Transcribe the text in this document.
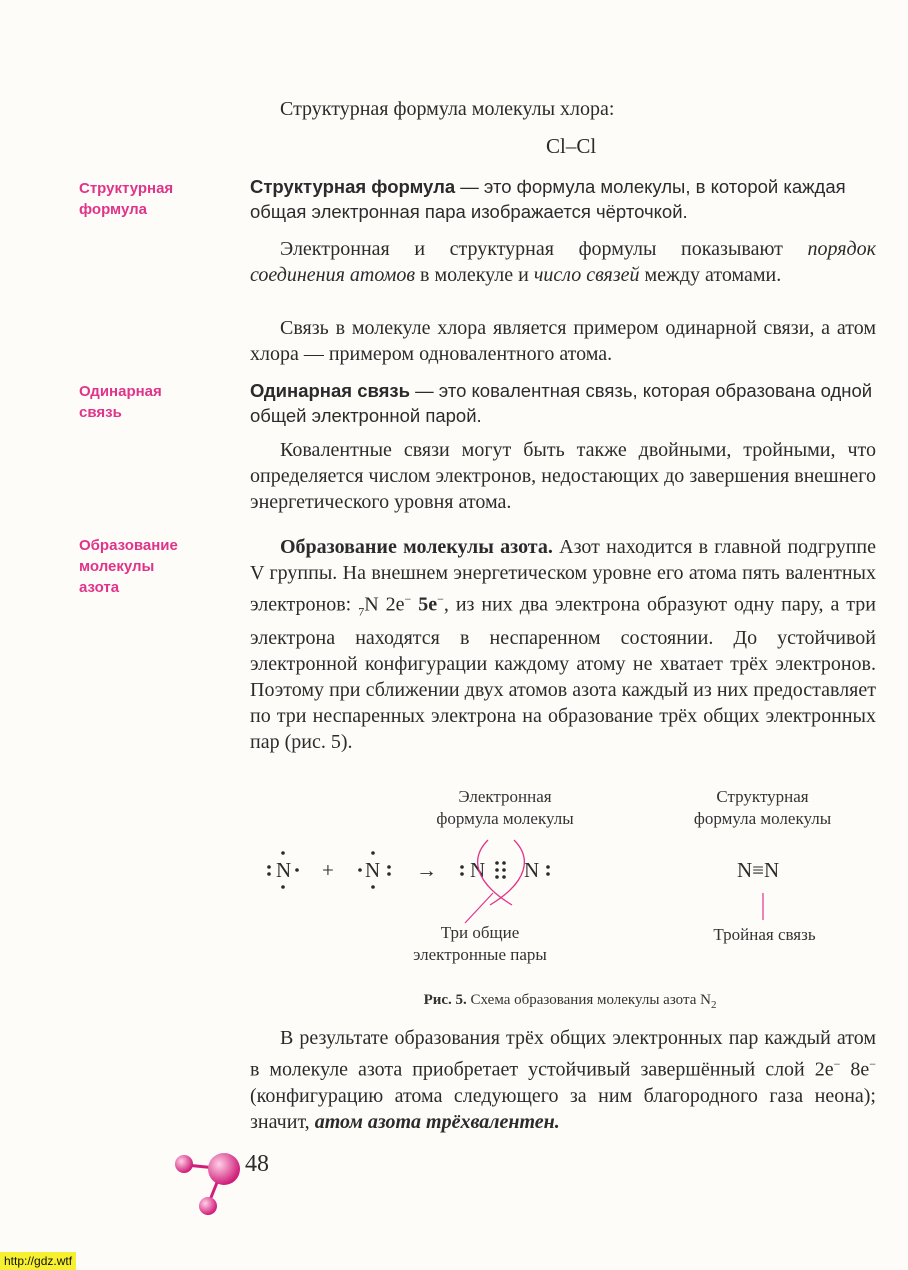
Структурная формула молекулы хлора:
Cl–Cl
Структурная
формула
Одинарная
связь
Образование
молекулы
азота
Структурная формула — это формула молекулы, в которой каждая общая электронная пара изображается чёрточкой.

Электронная и структурная формулы показывают порядок соединения атомов в молекуле и число связей между атомами.

Связь в молекуле хлора является примером одинарной связи, а атом хлора — примером одновалентного атома.

Одинарная связь — это ковалентная связь, которая образована одной общей электронной парой.

Ковалентные связи могут быть также двойными, тройными, что определяется числом электронов, недостающих до завершения внешнего энергетического уровня атома.

Образование молекулы азота. Азот находится в главной подгруппе V группы. На внешнем энергетическом уровне его атома пять валентных электронов: $_7$N 2e− 5e−, из них два электрона образуют одну пару, а три электрона находятся в неспаренном состоянии. До устойчивой электронной конфигурации каждому атому не хватает трёх электронов. Поэтому при сближении двух атомов азота каждый из них предоставляет по три неспаренных электрона на образование трёх общих электронных пар (рис. 5).

Электронная
формула молекулы
Структурная
формула молекулы
N + N → N N	N≡N
Три общие
электронные пары
Тройная связь
Рис. 5. Схема образования молекулы азота $N_2$

В результате образования трёх общих электронных пар каждый атом в молекуле азота приобретает устойчивый завершённый слой 2e− 8e− (конфигурацию атома следующего за ним благородного газа неона); значит, атом азота трёхвалентен.

48
http://gdz.wtf
